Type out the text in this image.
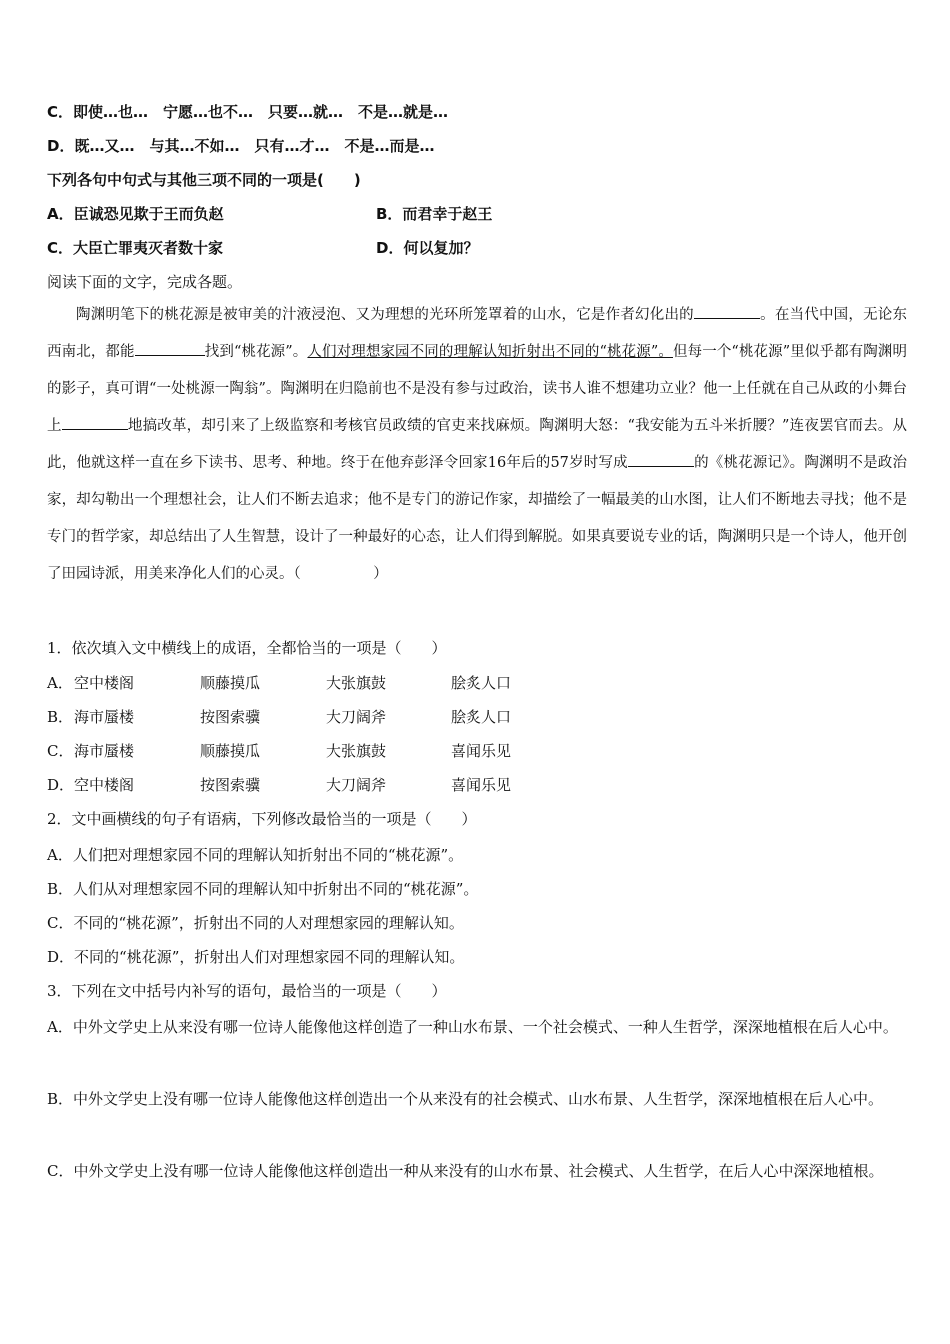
C．即使…也…　宁愿…也不…　只要…就…　不是…就是…
D．既…又…　与其…不如…　只有…才…　不是…而是…
下列各句中句式与其他三项不同的一项是(　　)
A．臣诚恐见欺于王而负赵	B．而君幸于赵王
C．大臣亡罪夷灭者数十家	D．何以复加？
阅读下面的文字，完成各题。
陶渊明笔下的桃花源是被审美的汁液浸泡、又为理想的光环所笼罩着的山水，它是作者幻化出的	。在当代中国，无论东西南北，都能	找到“桃花源”。人们对理想家园不同的理解认知折射出不同的“桃花源”。但每一个“桃花源”里似乎都有陶渊明的影子，真可谓“一处桃源一陶翁”。陶渊明在归隐前也不是没有参与过政治，读书人谁不想建功立业？他一上任就在自己从政的小舞台上	地搞改革，却引来了上级监察和考核官员政绩的官吏来找麻烦。陶渊明大怒：“我安能为五斗米折腰？”连夜罢官而去。从此，他就这样一直在乡下读书、思考、种地。终于在他弃彭泽令回家16年后的57岁时写成	的《桃花源记》。陶渊明不是政治家，却勾勒出一个理想社会，让人们不断去追求；他不是专门的游记作家，却描绘了一幅最美的山水图，让人们不断地去寻找；他不是专门的哲学家，却总结出了人生智慧，设计了一种最好的心态，让人们得到解脱。如果真要说专业的话，陶渊明只是一个诗人，他开创了田园诗派，用美来净化人们的心灵。（　　　　　）
1．依次填入文中横线上的成语，全都恰当的一项是（　　）
A． 空中楼阁	顺藤摸瓜	大张旗鼓	脍炙人口
B． 海市蜃楼	按图索骥	大刀阔斧	脍炙人口
C． 海市蜃楼	顺藤摸瓜	大张旗鼓	喜闻乐见
D． 空中楼阁	按图索骥	大刀阔斧	喜闻乐见
2．文中画横线的句子有语病，下列修改最恰当的一项是（　　）
A．人们把对理想家园不同的理解认知折射出不同的“桃花源”。
B．人们从对理想家园不同的理解认知中折射出不同的“桃花源”。
C．不同的“桃花源”，折射出不同的人对理想家园的理解认知。
D．不同的“桃花源”，折射出人们对理想家园不同的理解认知。
3．下列在文中括号内补写的语句，最恰当的一项是（　　）
A．中外文学史上从来没有哪一位诗人能像他这样创造了一种山水布景、一个社会模式、一种人生哲学，深深地植根在后人心中。
B．中外文学史上没有哪一位诗人能像他这样创造出一个从来没有的社会模式、山水布景、人生哲学，深深地植根在后人心中。
C．中外文学史上没有哪一位诗人能像他这样创造出一种从来没有的山水布景、社会模式、人生哲学，在后人心中深深地植根。
